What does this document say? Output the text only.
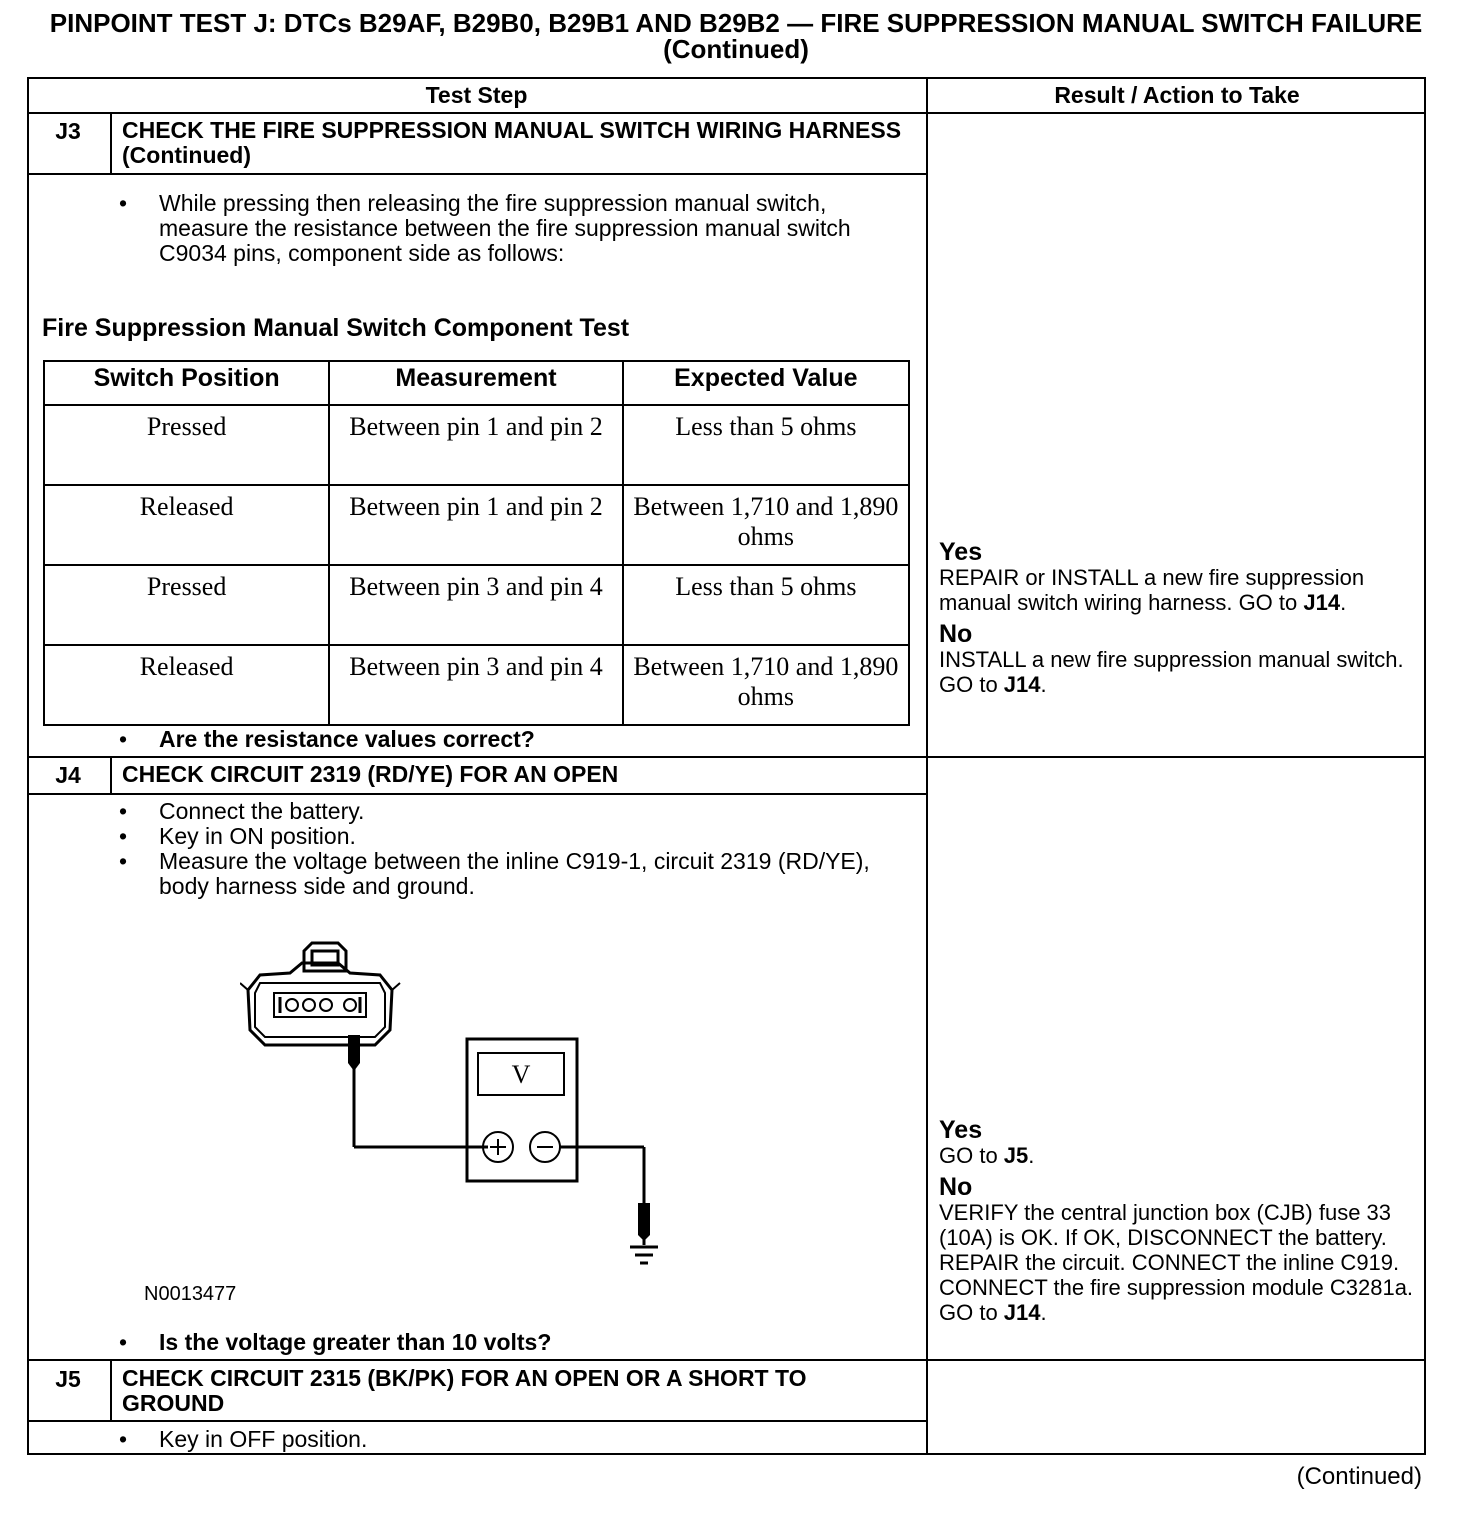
PINPOINT TEST J: DTCs B29AF, B29B0, B29B1 AND B29B2 — FIRE SUPPRESSION MANUAL SWITCH FAILURE (Continued)
Test Step	Result / Action to Take
J3	CHECK THE FIRE SUPPRESSION MANUAL SWITCH WIRING HARNESS (Continued)
• While pressing then releasing the fire suppression manual switch, measure the resistance between the fire suppression manual switch C9034 pins, component side as follows:
Fire Suppression Manual Switch Component Test
Switch Position	Measurement	Expected Value
Pressed	Between pin 1 and pin 2	Less than 5 ohms
Released	Between pin 1 and pin 2	Between 1,710 and 1,890 ohms
Pressed	Between pin 3 and pin 4	Less than 5 ohms
Released	Between pin 3 and pin 4	Between 1,710 and 1,890 ohms
• Are the resistance values correct?
Yes
REPAIR or INSTALL a new fire suppression manual switch wiring harness. GO to J14.
No
INSTALL a new fire suppression manual switch. GO to J14.
J4	CHECK CIRCUIT 2319 (RD/YE) FOR AN OPEN
• Connect the battery.
• Key in ON position.
• Measure the voltage between the inline C919-1, circuit 2319 (RD/YE), body harness side and ground.
V
N0013477
• Is the voltage greater than 10 volts?
Yes
GO to J5.
No
VERIFY the central junction box (CJB) fuse 33 (10A) is OK. If OK, DISCONNECT the battery. REPAIR the circuit. CONNECT the inline C919. CONNECT the fire suppression module C3281a. GO to J14.
J5	CHECK CIRCUIT 2315 (BK/PK) FOR AN OPEN OR A SHORT TO GROUND
• Key in OFF position.
(Continued)
